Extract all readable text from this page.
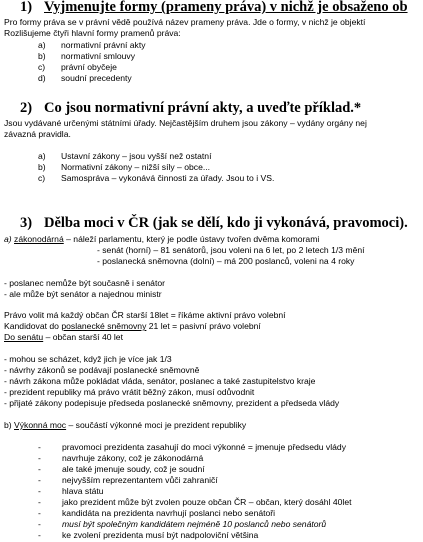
1) Vyjmenujte formy (prameny práva) v nichž je obsaženo ob
Pro formy práva se v právní vědě používá název prameny práva. Jde o formy, v nichž je objektí
Rozlišujeme čtyři hlavní formy pramenů práva:
a) normativní právní akty
b) normativní smlouvy
c) právní obyčeje
d) soudní precedenty
2) Co jsou normativní právní akty, a uveďte příklad.*
Jsou vydávané určenými státními úřady. Nejčastějším druhem jsou zákony – vydány orgány nej
závazná pravidla.
a) Ustavní zákony – jsou vyšší než ostatní
b) Normativní zákony – nižší síly – obce...
c) Samospráva – vykonává činnosti za úřady. Jsou to i VS.
3) Dělba moci v ČR (jak se dělí, kdo ji vykonává, pravomoci).
a) zákonodárná – náleží parlamentu, který je podle ústavy tvořen dvěma komorami
- senát (horní) – 81 senátorů, jsou voleni na 6 let, po 2 letech 1/3 mění
- poslanecká sněmovna (dolní) – má 200 poslanců, voleni na 4 roky
- poslanec nemůže být současně i senátor
- ale může být senátor a najednou ministr
Právo volit má každý občan ČR starší 18let = říkáme aktivní právo volební
Kandidovat do poslanecké sněmovny 21 let = pasivní právo volební
Do senátu – občan starší 40 let
- mohou se scházet, když jich je více jak 1/3
- návrhy zákonů se podávají poslanecké sněmovně
- návrh zákona může pokládat vláda, senátor, poslanec a také zastupitelstvo kraje
- prezident republiky má právo vrátit běžný zákon, musí odůvodnit
- přijaté zákony podepisuje předseda poslanecké sněmovny, prezident a předseda vlády
b) Výkonná moc – součástí výkonné moci je prezident republiky
- pravomoci prezidenta zasahují do moci výkonné = jmenuje předsedu vlády
- navrhuje zákony, což je zákonodárná
- ale také jmenuje soudy, což je soudní
- nejvyšším reprezentantem vůči zahraničí
- hlava státu
- jako prezident může být zvolen pouze občan ČR – občan, který dosáhl 40let
- kandidáta na prezidenta navrhují poslanci nebo senátoři
- musí být společným kandidátem nejméně 10 poslanců nebo senátorů
- ke zvolení prezidenta musí být nadpoloviční většina
